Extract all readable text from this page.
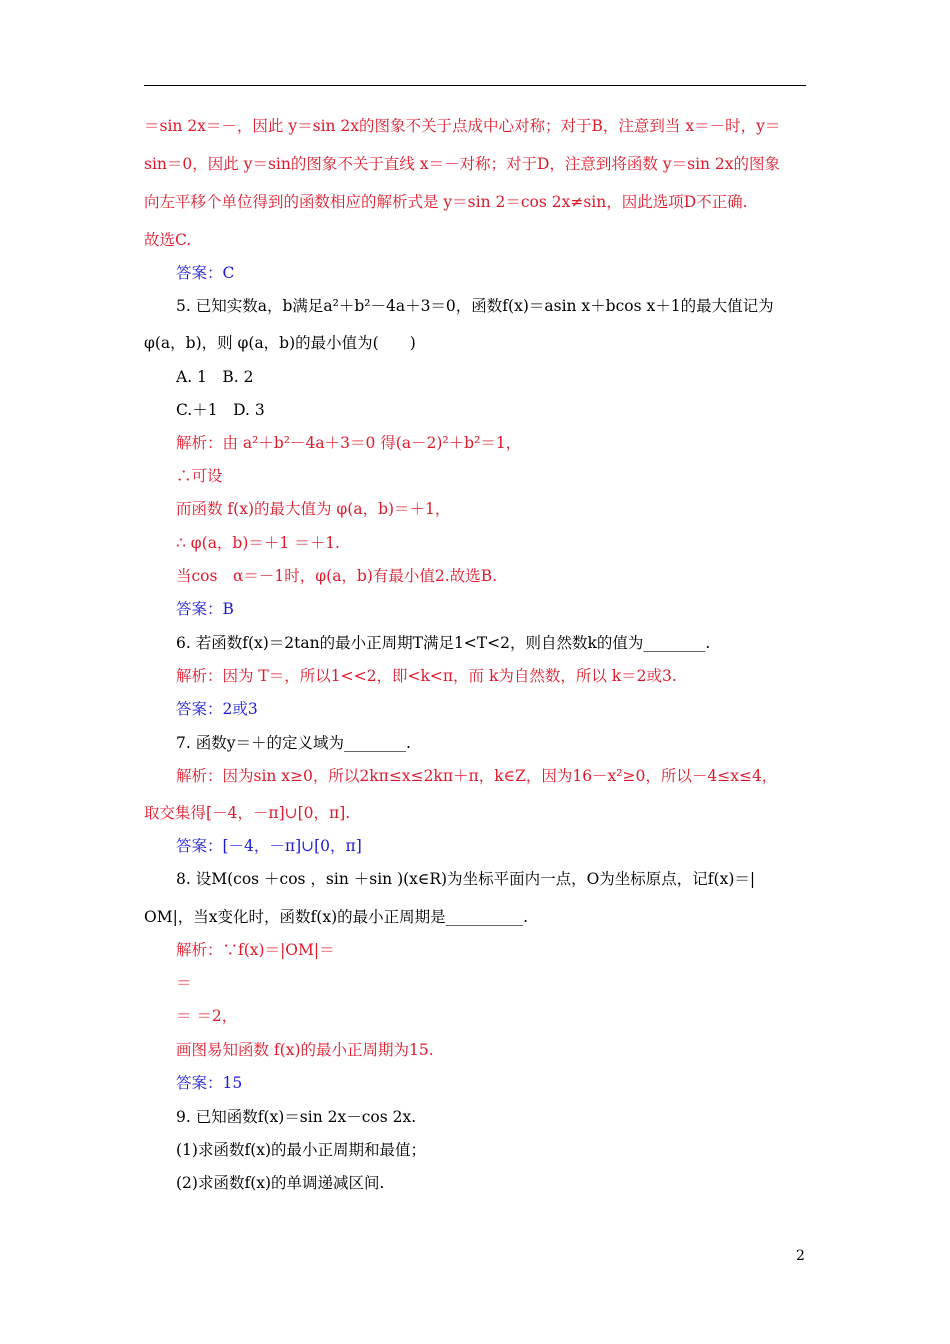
＝sin 2x＝－，因此 y＝sin 2x的图象不关于点成中心对称；对于B，注意到当 x＝－时，y＝
sin＝0，因此 y＝sin的图象不关于直线 x＝－对称；对于D，注意到将函数 y＝sin 2x的图象
向左平移个单位得到的函数相应的解析式是 y＝sin 2＝cos 2x≠sin，因此选项D不正确.
故选C.
答案：C
5. 已知实数a，b满足a²＋b²－4a＋3＝0，函数f(x)＝asin x＋bcos x＋1的最大值记为
φ(a，b)，则 φ(a，b)的最小值为(　　)
A. 1　B. 2
C.＋1　D. 3
解析：由 a²＋b²－4a＋3＝0 得(a－2)²＋b²＝1，
∴可设
而函数 f(x)的最大值为 φ(a，b)＝＋1，
∴ φ(a，b)＝＋1 ＝＋1.
当cos　α＝－1时，φ(a，b)有最小值2.故选B.
答案：B
6. 若函数f(x)＝2tan的最小正周期T满足1<T<2，则自然数k的值为________.
解析：因为 T＝，所以1<<2，即<k<π，而 k为自然数，所以 k＝2或3.
答案：2或3
7. 函数y＝＋的定义域为________.
解析：因为sin x≥0，所以2kπ≤x≤2kπ＋π，k∈Z，因为16－x²≥0，所以－4≤x≤4，
取交集得[－4，－π]∪[0，π].
答案：[－4，－π]∪[0，π]
8. 设M(cos ＋cos ，sin ＋sin )(x∈R)为坐标平面内一点，O为坐标原点，记f(x)＝|
OM|，当x变化时，函数f(x)的最小正周期是__________.
解析：∵f(x)＝|OM|＝
＝
＝ ＝2，
画图易知函数 f(x)的最小正周期为15.
答案：15
9. 已知函数f(x)＝sin 2x－cos 2x.
(1)求函数f(x)的最小正周期和最值；
(2)求函数f(x)的单调递减区间.
2
